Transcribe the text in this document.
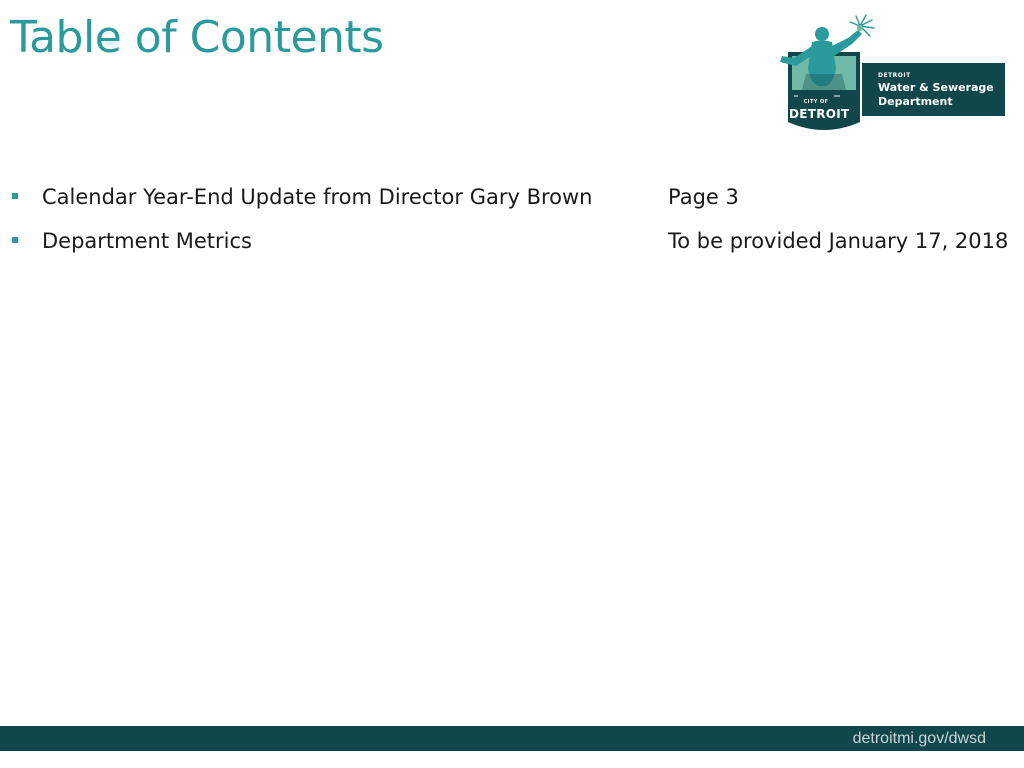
Table of Contents
CITY OF
DETROIT
DETROIT
Water & Sewerage
Department
Calendar Year-End Update from Director Gary Brown	Page 3
Department Metrics	To be provided January 17, 2018
detroitmi.gov/dwsd
